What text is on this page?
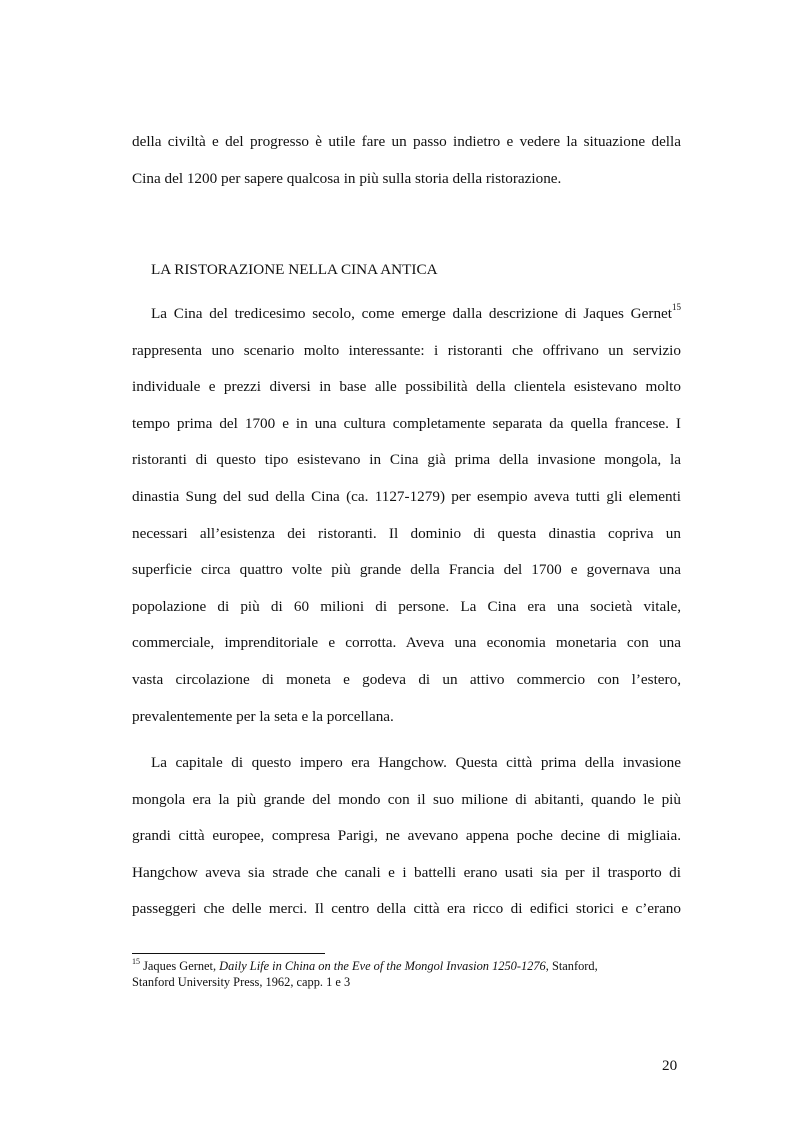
della civiltà e del progresso è utile fare un passo indietro e vedere la situazione della
Cina del 1200 per sapere qualcosa in più sulla storia della ristorazione.
LA RISTORAZIONE NELLA CINA ANTICA
La Cina del tredicesimo secolo, come emerge dalla descrizione di Jaques Gernet$^{15}$
rappresenta uno scenario molto interessante: i ristoranti che offrivano un servizio
individuale e prezzi diversi in base alle possibilità della clientela esistevano molto
tempo prima del 1700 e in una cultura completamente separata da quella francese. I
ristoranti di questo tipo esistevano in Cina già prima della invasione mongola, la
dinastia Sung del sud della Cina (ca. 1127-1279) per esempio aveva tutti gli elementi
necessari all’esistenza dei ristoranti. Il dominio di questa dinastia copriva un
superficie circa quattro volte più grande della Francia del 1700 e governava una
popolazione di più di 60 milioni di persone. La Cina era una società vitale,
commerciale, imprenditoriale e corrotta. Aveva una economia monetaria con una
vasta circolazione di moneta e godeva di un attivo commercio con l’estero,
prevalentemente per la seta e la porcellana.
La capitale di questo impero era Hangchow. Questa città prima della invasione
mongola era la più grande del mondo con il suo milione di abitanti, quando le più
grandi città europee, compresa Parigi, ne avevano appena poche decine di migliaia.
Hangchow aveva sia strade che canali e i battelli erano usati sia per il trasporto di
passeggeri che delle merci. Il centro della città era ricco di edifici storici e c’erano
$^{15}$ Jaques Gernet, Daily Life in China on the Eve of the Mongol Invasion 1250-1276, Stanford,
Stanford University Press, 1962, capp. 1 e 3
20
